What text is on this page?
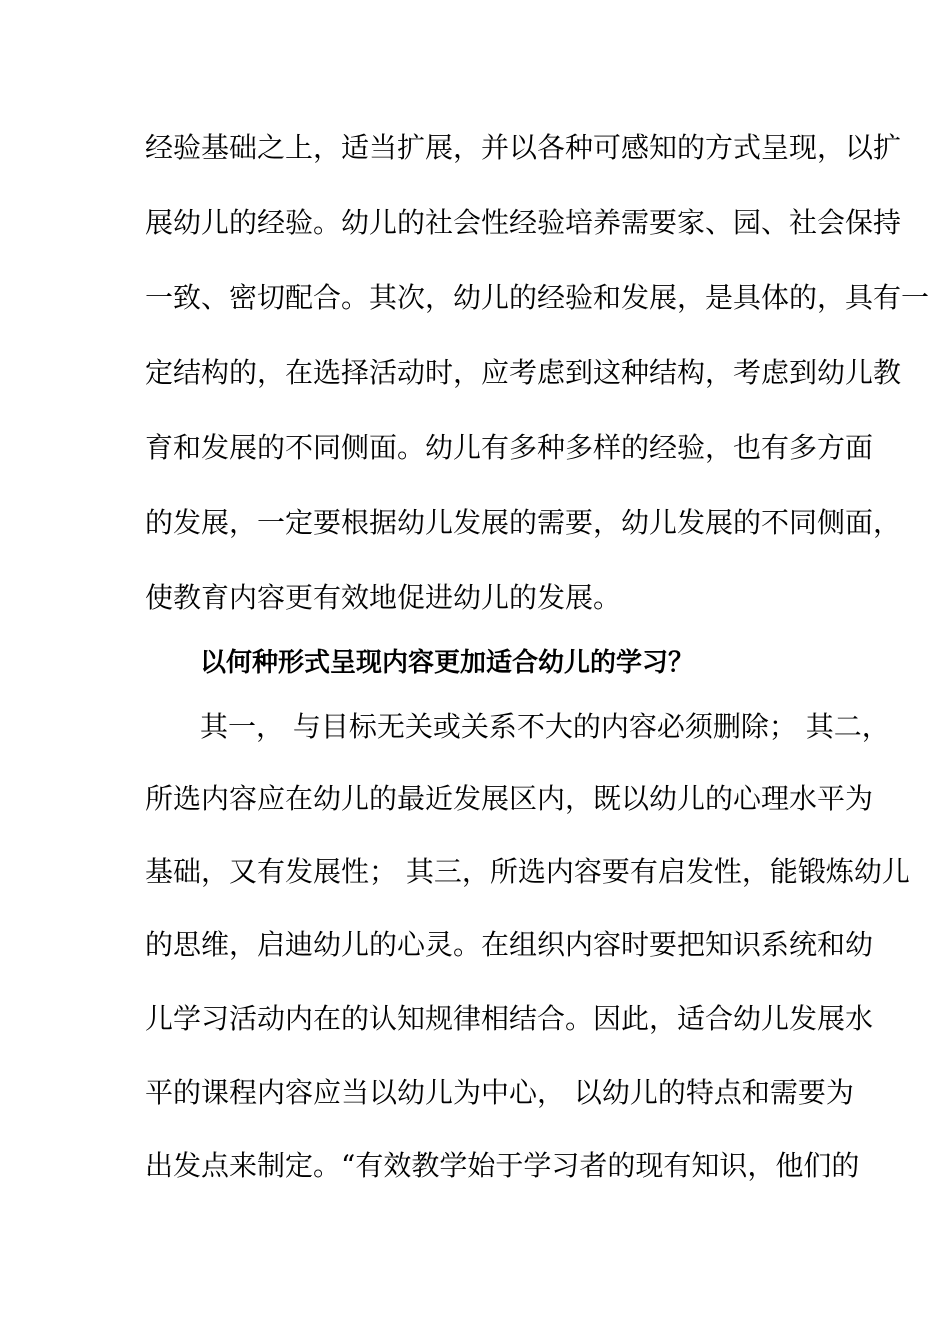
经验基础之上，适当扩展，并以各种可感知的方式呈现，以扩

展幼儿的经验。幼儿的社会性经验培养需要家、园、社会保持

一致、密切配合。其次，幼儿的经验和发展，是具体的，具有一

定结构的，在选择活动时，应考虑到这种结构，考虑到幼儿教

育和发展的不同侧面。幼儿有多种多样的经验，也有多方面

的发展，一定要根据幼儿发展的需要，幼儿发展的不同侧面，

使教育内容更有效地促进幼儿的发展。

以何种形式呈现内容更加适合幼儿的学习？

其一， 与目标无关或关系不大的内容必须删除； 其二，

所选内容应在幼儿的最近发展区内，既以幼儿的心理水平为

基础，又有发展性； 其三，所选内容要有启发性，能锻炼幼儿

的思维，启迪幼儿的心灵。在组织内容时要把知识系统和幼

儿学习活动内在的认知规律相结合。因此，适合幼儿发展水

平的课程内容应当以幼儿为中心， 以幼儿的特点和需要为

出发点来制定。“有效教学始于学习者的现有知识，他们的
